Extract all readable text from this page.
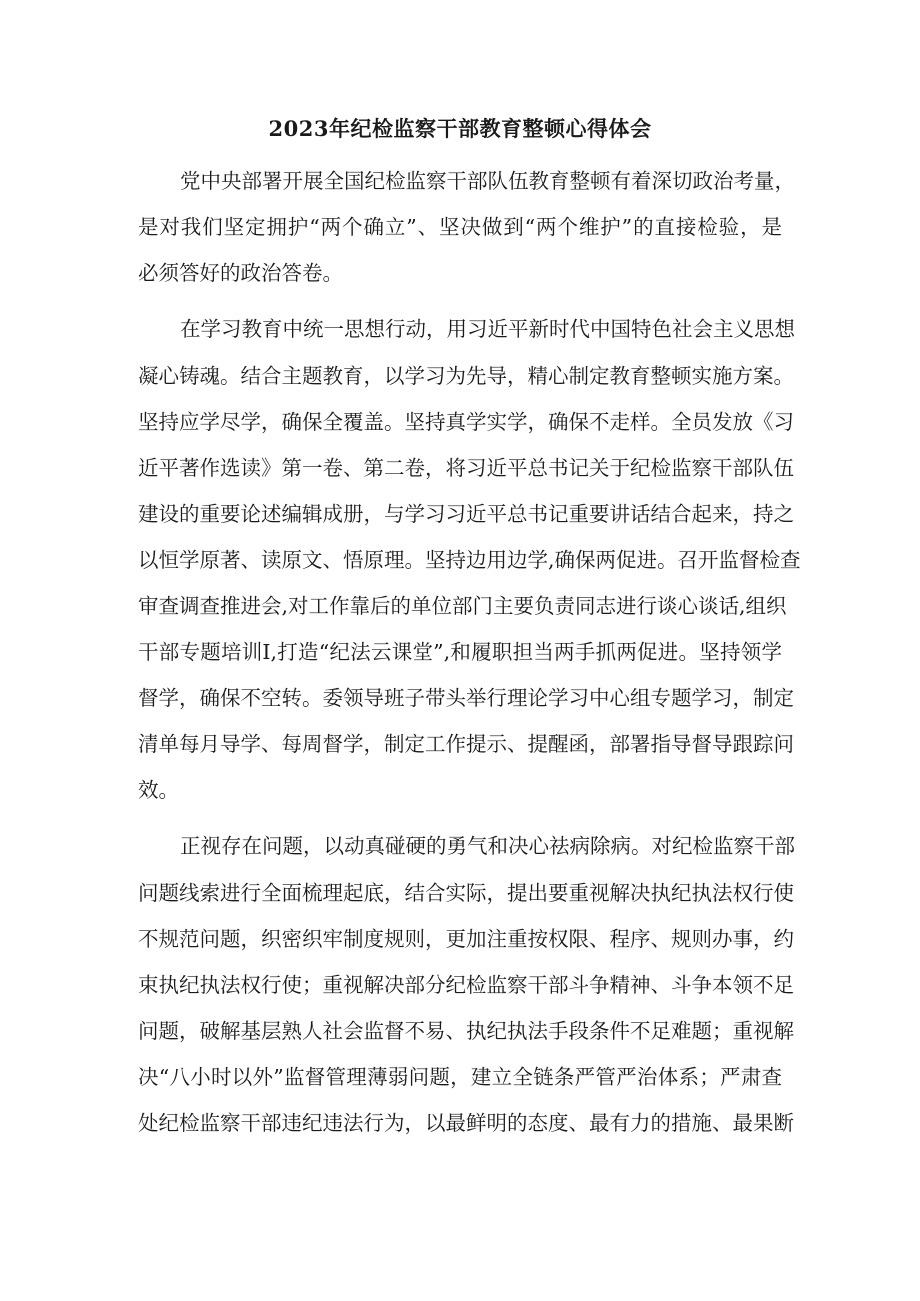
2023年纪检监察干部教育整顿心得体会

党中央部署开展全国纪检监察干部队伍教育整顿有着深切政治考量，

是对我们坚定拥护“两个确立”、坚决做到“两个维护”的直接检验，是

必须答好的政治答卷。

在学习教育中统一思想行动，用习近平新时代中国特色社会主义思想

凝心铸魂。结合主题教育，以学习为先导，精心制定教育整顿实施方案。

坚持应学尽学，确保全覆盖。坚持真学实学，确保不走样。全员发放《习

近平著作选读》第一卷、第二卷，将习近平总书记关于纪检监察干部队伍

建设的重要论述编辑成册，与学习习近平总书记重要讲话结合起来，持之

以恒学原著、读原文、悟原理。坚持边用边学,确保两促进。召开监督检查

审查调查推进会,对工作靠后的单位部门主要负责同志进行谈心谈话,组织

干部专题培训I,打造“纪法云课堂”,和履职担当两手抓两促进。坚持领学

督学，确保不空转。委领导班子带头举行理论学习中心组专题学习，制定

清单每月导学、每周督学，制定工作提示、提醒函，部署指导督导跟踪问

效。

正视存在问题，以动真碰硬的勇气和决心祛病除病。对纪检监察干部

问题线索进行全面梳理起底，结合实际，提出要重视解决执纪执法权行使

不规范问题，织密织牢制度规则，更加注重按权限、程序、规则办事，约

束执纪执法权行使；重视解决部分纪检监察干部斗争精神、斗争本领不足

问题，破解基层熟人社会监督不易、执纪执法手段条件不足难题；重视解

决“八小时以外”监督管理薄弱问题，建立全链条严管严治体系；严肃查

处纪检监察干部违纪违法行为，以最鲜明的态度、最有力的措施、最果断
